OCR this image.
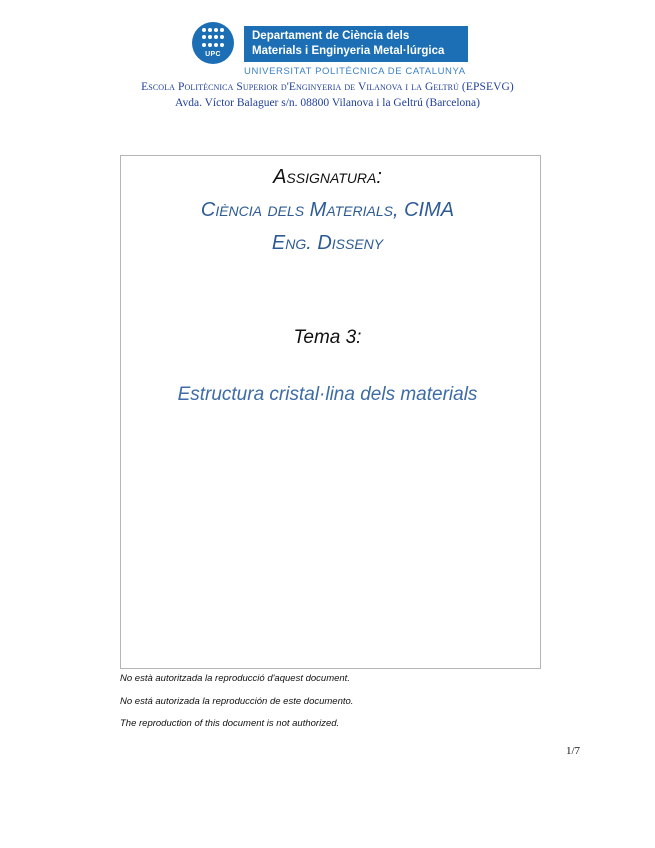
UPC
Departament de Ciència dels
Materials i Enginyeria Metal·lúrgica
UNIVERSITAT POLITÈCNICA DE CATALUNYA
Escola Politècnica Superior d'Enginyeria de Vilanova i la Geltrú (EPSEVG)
Avda. Víctor Balaguer s/n. 08800 Vilanova i la Geltrú (Barcelona)
Assignatura:
Ciència dels Materials, CIMA
Eng. Disseny
Tema 3:
Estructura cristal·lina dels materials
No està autoritzada la reproducció d'aquest document.
No está autorizada la reproducción de este documento.
The reproduction of this document is not authorized.
1/7
